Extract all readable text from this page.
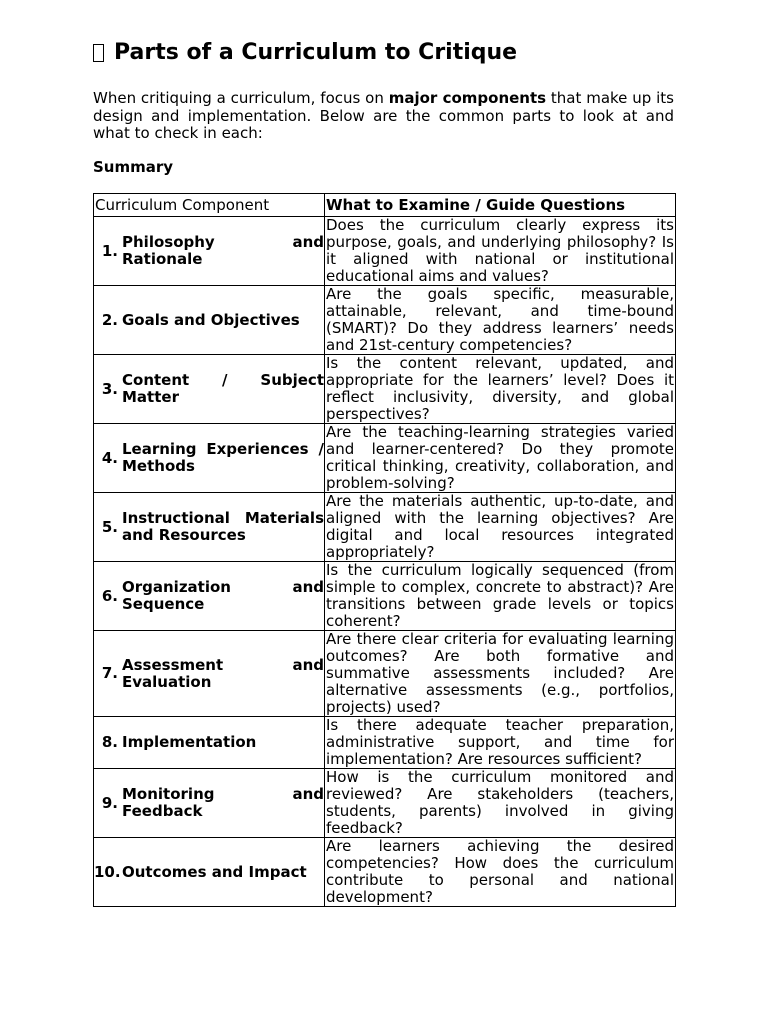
Parts of a Curriculum to Critique

When critiquing a curriculum, focus on major components that make up its design and implementation. Below are the common parts to look at and what to check in each:

Summary
Curriculum Component	What to Examine / Guide Questions

1. Philosophy and Rationale	Does the curriculum clearly express its purpose, goals, and underlying philosophy? Is it aligned with national or institutional educational aims and values?

2. Goals and Objectives	Are the goals specific, measurable, attainable, relevant, and time-bound (SMART)? Do they address learners’ needs and 21st-century competencies?

3. Content / Subject Matter	Is the content relevant, updated, and appropriate for the learners’ level? Does it reflect inclusivity, diversity, and global perspectives?

4. Learning Experiences / Methods	Are the teaching-learning strategies varied and learner-centered? Do they promote critical thinking, creativity, collaboration, and problem-solving?

5. Instructional Materials and Resources	Are the materials authentic, up-to-date, and aligned with the learning objectives? Are digital and local resources integrated appropriately?

6. Organization and Sequence	Is the curriculum logically sequenced (from simple to complex, concrete to abstract)? Are transitions between grade levels or topics coherent?

7. Assessment and Evaluation	Are there clear criteria for evaluating learning outcomes? Are both formative and summative assessments included? Are alternative assessments (e.g., portfolios, projects) used?

8. Implementation	Is there adequate teacher preparation, administrative support, and time for implementation? Are resources sufficient?

9. Monitoring and Feedback	How is the curriculum monitored and reviewed? Are stakeholders (teachers, students, parents) involved in giving feedback?

10. Outcomes and Impact	Are learners achieving the desired competencies? How does the curriculum contribute to personal and national development?
